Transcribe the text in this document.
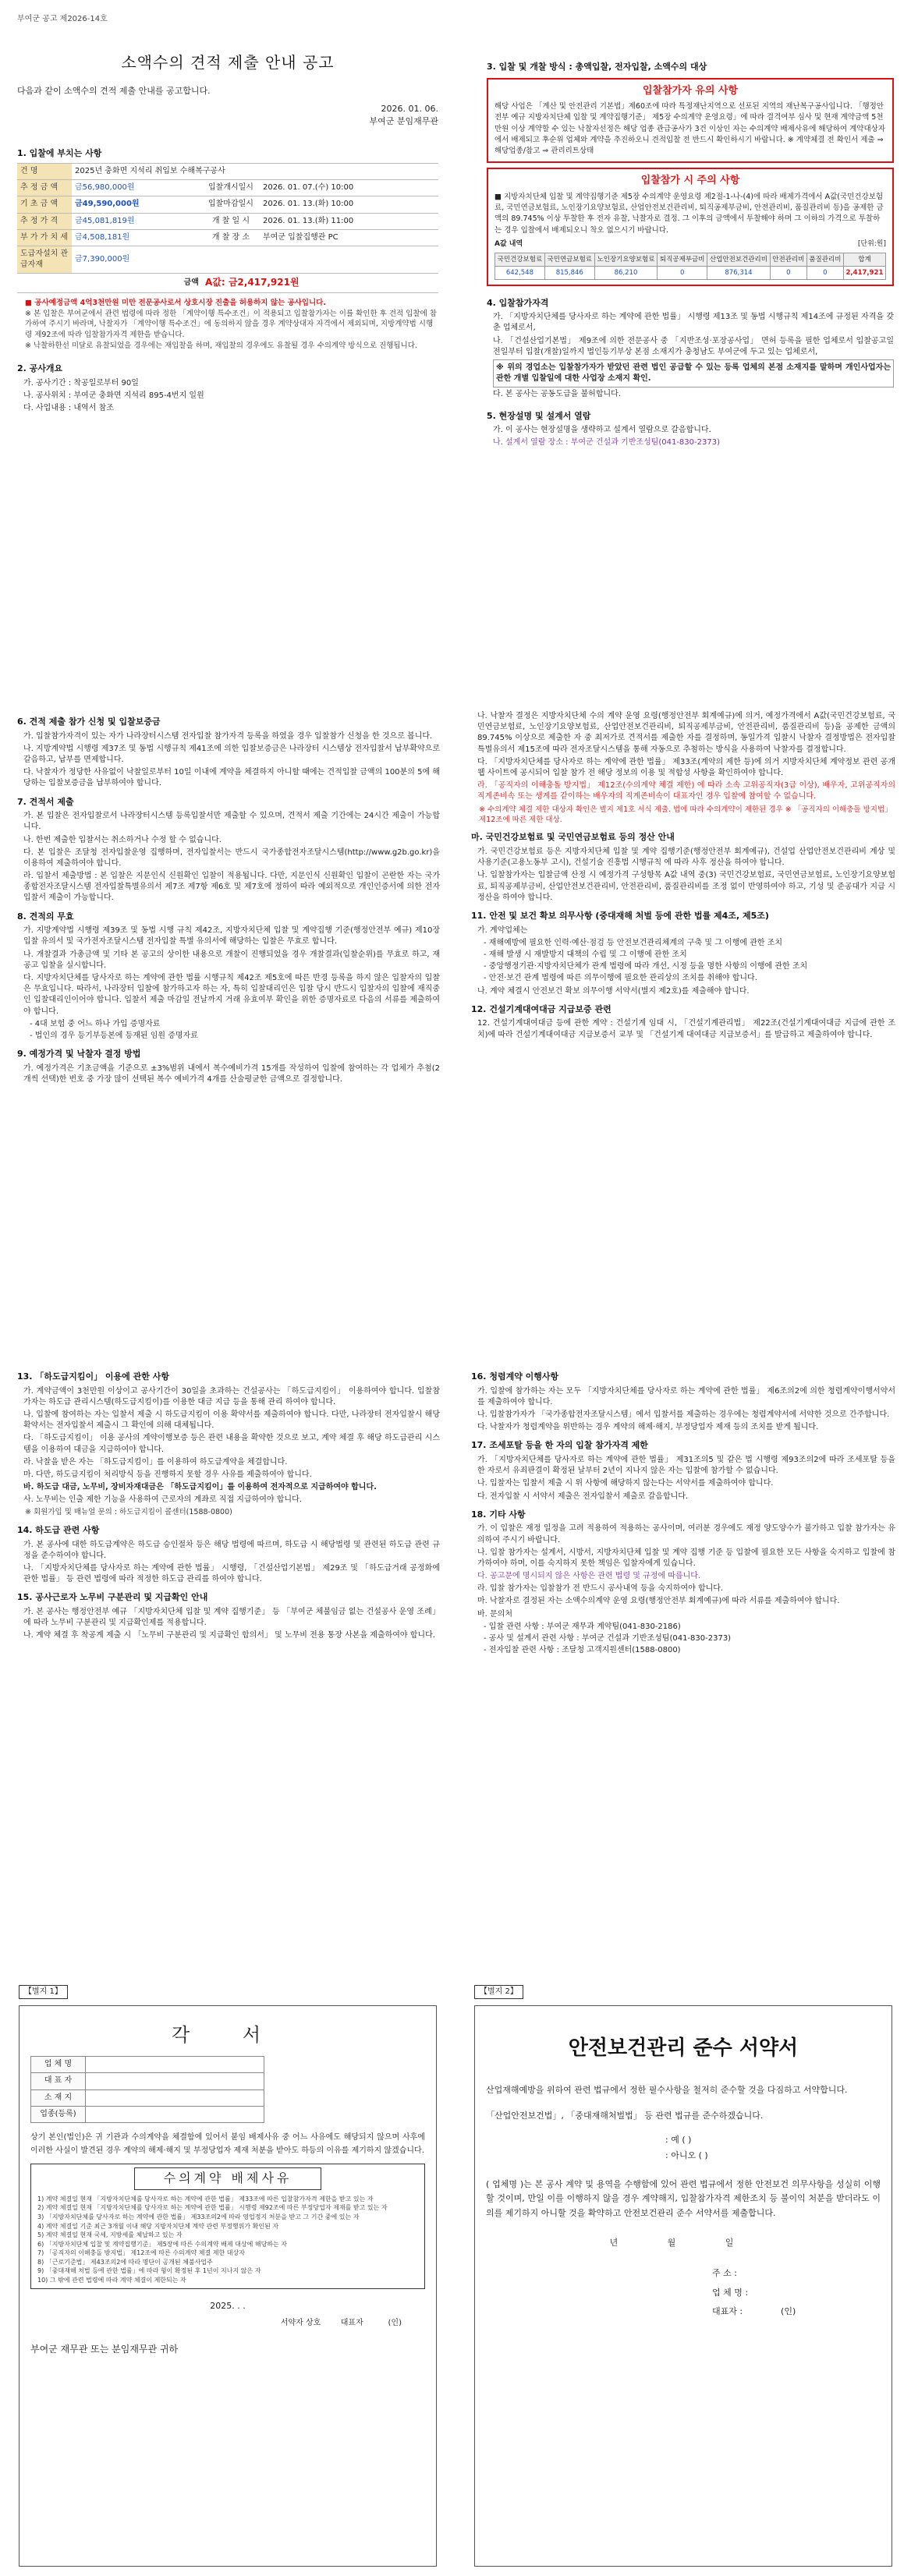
부여군 공고 제2026-14호
소액수의 견적 제출 안내 공고
다음과 같이 소액수의 견적 제출 안내를 공고합니다.
2026. 01. 06.
부여군 분임재무관
1. 입찰에 부치는 사항
건 명	2025년 충화면 지석리 취입보 수해복구공사		
추 정 금 액	금56,980,000원	입찰개시일시	2026. 01. 07.(수) 10:00
기 초 금 액	금49,590,000원	입찰마감일시	2026. 01. 13.(화) 10:00
추 정 가 격	금45,081,819원	개 찰 일 시	2026. 01. 13.(화) 11:00
부 가 가 치 세	금4,508,181원	개 찰 장 소	부여군 입찰집행관 PC
도급자설치 관급자재	금7,390,000원		
	금액	A값: 금2,417,921원	
■ 공사예정금액 4억3천만원 미만 전문공사로서 상호시장 진출을 허용하지 않는 공사입니다.
※ 본 입찰은 부여군에서 관련 법령에 따라 정한 「계약이행 특수조건」이 적용되고 입찰참가자는 이를 확인한 후 견적 입찰에 참가하여 주시기 바라며, 낙찰자가 「계약이행 특수조건」에 동의하지 않을 경우 계약상대자 자격에서 제외되며, 지방계약법 시행령 제92조에 따라 입찰참가자격 제한을 받습니다.
※ 낙찰하한선 미달로 유찰되었을 경우에는 재입찰을 하며, 재입찰의 경우에도 유찰될 경우 수의계약 방식으로 진행됩니다.
2. 공사개요
가. 공사기간 : 착공일로부터 90일
나. 공사위치 : 부여군 충화면 지석리 895-4번지 일원
다. 사업내용 : 내역서 참조
3. 입찰 및 개찰 방식 : 총액입찰, 전자입찰, 소액수의 대상
입찰참가자 유의 사항
해당 사업은 「계산 및 안전관리 기본법」제60조에 따라 특정재난지역으로 선포된 지역의 재난복구공사입니다. 「행정안전부 예규 지방자치단체 입찰 및 계약집행기준」 제5장 수의계약 운영요령」에 따라 결격여부 심사 및 현재 계약금액 5천만원 이상 계약할 수 있는 낙찰자선정은 해당 업종 관급공사가 3건 이상인 자는 수의계약 배제사유에 해당하여 계약대상자에서 배제되고 후순위 업체와 계약을 추진하오니 견적입찰 전 반드시 확인하시기 바랍니다. ※ 계약체결 전 확인서 제출 ⇒ 해당업종/참고 ⇒ 관리리트상태
입찰참가 시 주의 사항
■ 지방자치단체 입찰 및 계약집행기준 제5장 수의계약 운영요령 제2절-1-나-(4)에 따라 배제가격에서 A값(국민건강보험료, 국민연금보험료, 노인장기요양보험료, 산업안전보건관리비, 퇴직공제부금비, 안전관리비, 품질관리비 등)을 공제한 금액의 89.745% 이상 투찰한 후 전자 유찰, 낙찰자로 결정. 그 이후의 금액에서 투찰해야 하며 그 이하의 가격으로 투찰하는 경우 입찰에서 배제되오니 착오 없으시기 바랍니다.
A값 내역	[단위:원]
국민건강보험료	국민연금보험료	노인장기요양보험료	퇴직공제부금비	산업안전보건관리비	안전관리비	품질관리비	합계
642,548	815,846	86,210	0	876,314	0	0	2,417,921
4. 입찰참가자격
가. 「지방자치단체를 당사자로 하는 계약에 관한 법률」 시행령 제13조 및 동법 시행규칙 제14조에 규정된 자격을 갖춘 업체로서,
나. 「건설산업기본법」 제9조에 의한 전문공사 중 「지반조성·포장공사업」 면허 등록을 필한 업체로서 입찰공고일 전일부터 입찰(개찰)일까지 법인등기부상 본점 소재지가 충청남도 부여군에 두고 있는 업체로서,
※ 위의 경업소는 입찰참가자가 받았던 관련 법인 공급할 수 있는 등록 업체의 본점 소재지를 말하며 개인사업자는 관한 개별 입찰일에 대한 사업장 소재지 확인.
다. 본 공사는 공동도급을 불허합니다.
5. 현장설명 및 설계서 열람
가. 이 공사는 현장설명을 생략하고 설계서 열람으로 갈음합니다.
나. 설계서 열람 장소 : 부여군 건설과 기반조성팀(041-830-2373)
6. 견적 제출 참가 신청 및 입찰보증금
가. 입찰참가자격이 있는 자가 나라장터시스템 전자입찰 참가자격 등록을 하였을 경우 입찰참가 신청을 한 것으로 봅니다.
나. 지방계약법 시행령 제37조 및 동법 시행규칙 제41조에 의한 입찰보증금은 나라장터 시스템상 전자입찰서 납부확약으로 갈음하고, 납부를 면제합니다.
다. 낙찰자가 정당한 사유없이 낙찰일로부터 10일 이내에 계약을 체결하지 아니할 때에는 견적입찰 금액의 100분의 5에 해당하는 입찰보증금을 납부하여야 합니다.
7. 견적서 제출
가. 본 입찰은 전자입찰로서 나라장터시스템 등록입찰서만 제출할 수 있으며, 견적서 제출 기간에는 24시간 제출이 가능합니다.
나. 한번 제출한 입찰서는 취소하거나 수정 할 수 없습니다.
다. 본 입찰은 조달청 전자입찰운영 집행하며, 전자입찰서는 반드시 국가종합전자조달시스템(http://www.g2b.go.kr)을 이용하여 제출하여야 합니다.
라. 입찰서 제출방법 : 본 입찰은 지문인식 신원확인 입찰이 적용됩니다. 다만, 지문인식 신원확인 입찰이 곤란한 자는 국가종합전자조달시스템 전자입찰특별유의서 제7조 제7항 제6호 및 제7호에 정하여 따라 예외적으로 개인인증서에 의한 전자 입찰서 제출이 가능합니다.
8. 견적의 무효
가. 지방계약법 시행령 제39조 및 동법 시행 규칙 제42조, 지방자치단체 입찰 및 계약집행 기준(행정안전부 예규) 제10장 입찰 유의서 및 국가전자조달시스템 전자입찰 특별 유의서에 해당하는 입찰은 무효로 합니다.
나. 개찰결과 가총금액 및 기타 본 공고의 상이한 내용으로 개찰이 진행되었을 경우 개찰결과(입찰순위)를 무효로 하고, 재공고 입찰을 실시합니다.
다. 지방자치단체를 당사자로 하는 계약에 관한 법률 시행규칙 제42조 제5호에 따른 반경 등록을 하지 않은 입찰자의 입찰은 무효입니다. 따라서, 나라장터 입찰에 참가하고자 하는 자, 특히 입찰대리인은 입찰 당시 반드시 입찰자의 입찰에 재직중인 입찰대리인이어야 합니다. 입찰서 제출 마감일 전날까지 거래 유효여부 확인을 위한 증명자료로 다음의 서류를 제출하여야 합니다.
- 4대 보험 중 어느 하나 가입 증명자료
- 법인의 경우 등기부등본에 등재된 임원 증명자료
9. 예정가격 및 낙찰자 결정 방법
가. 예정가격은 기초금액을 기준으로 ±3%범위 내에서 복수예비가격 15개를 작성하여 입찰에 참여하는 각 업체가 추첨(2개씩 선택)한 번호 중 가장 많이 선택된 복수 예비가격 4개를 산술평균한 금액으로 결정합니다.
나. 낙찰자 결정은 지방자치단체 수의 계약 운영 요령(행정안전부 회계예규)에 의거, 예정가격에서 A값(국민건강보험료, 국민연금보험료, 노인장기요양보험료, 산업안전보건관리비, 퇴직공제부금비, 안전관리비, 품질관리비 등)을 공제한 금액의 89.745% 이상으로 제출한 자 중 최저가로 견적서를 제출한 자를 결정하며, 동일가격 입찰시 낙찰자 결정방법은 전자입찰 특별유의서 제15조에 따라 전자조달시스템을 통해 자동으로 추첨하는 방식을 사용하여 낙찰자를 결정합니다.
다. 「지방자치단체를 당사자로 하는 계약에 관한 법률」 제33조(계약의 제한 등)에 의거 지방자치단체 계약정보 관련 공개 웹 사이트에 공시되어 입찰 참가 전 해당 정보의 이용 및 적합성 사항을 확인하여야 합니다.
라. 「공직자의 이해충돌 방지법」 제12조(수의계약 체결 제한) 에 따라 소속 고위공직자(3급 이상), 배우자, 고위공직자의 직계존비속 또는 생계를 같이하는 배우자의 직계존비속이 대표자인 경우 입찰에 참여할 수 없습니다.
※ 수의계약 체결 제한 대상자 확인은 별지 제1호 서식 제출. 법에 따라 수의계약이 제한된 경우 ※ 「공직자의 이해충돌 방지법」 제12조에 따른 제한 대상.
마. 국민건강보험료 및 국민연금보험료 등의 정산 안내
가. 국민건강보험료 등은 지방자치단체 입찰 및 계약 집행기준(행정안전부 회계예규), 건설업 산업안전보건관리비 계상 및 사용기준(고용노동부 고시), 건설기술 진흥법 시행규칙 에 따라 사후 정산을 하여야 합니다.
나. 입찰참가자는 입찰금액 산정 시 예정가격 구성항목 A값 내역 중(3) 국민건강보험료, 국민연금보험료, 노인장기요양보험료, 퇴직공제부금비, 산업안전보건관리비, 안전관리비, 품질관리비를 조정 없이 반영하여야 하고, 기성 및 준공대가 지급 시 정산을 하여야 합니다.
11. 안전 및 보건 확보 의무사항 (중대재해 처벌 등에 관한 법률 제4조, 제5조)
가. 계약업체는
- 재해예방에 필요한 인력·예산·점검 등 안전보건관리체계의 구축 및 그 이행에 관한 조치
- 재해 발생 시 재발방지 대책의 수립 및 그 이행에 관한 조치
- 중앙행정기관·지방자치단체가 관계 법령에 따라 개선, 시정 등을 명한 사항의 이행에 관한 조치
- 안전·보건 관계 법령에 따른 의무이행에 필요한 관리상의 조치를 취해야 합니다.
나. 계약 체결시 안전보건 확보 의무이행 서약서(별지 제2호)를 제출해야 합니다.
12. 건설기계대여대금 지급보증 관련
12. 건설기계대여대금 등에 관한 계약 : 건설기계 임대 시, 「건설기계관리법」 제22조(건설기계대여대금 지급에 관한 조치)에 따라 건설기계대여대금 지급보증서 교부 및 「건설기계 대여대금 지급보증서」를 발급하고 제출하여야 합니다.
13. 「하도급지킴이」 이용에 관한 사항
가. 계약금액이 3천만원 이상이고 공사기간이 30일을 초과하는 건설공사는 「하도급지킴이」 이용하여야 합니다. 입찰참가자는 하도급 관리시스템(하도급지킴이)를 이용한 대금 지급 등을 통해 관리 하여야 합니다.
나. 입찰에 참여하는 자는 입찰서 제출 시 하도급지킴이 이용 확약서를 제출하여야 합니다. 다만, 나라장터 전자입찰시 해당 확약서는 전자입찰서 제출시 그 확인에 의해 대체됩니다.
다. 「하도급지킴이」 이용 공사의 계약이행보증 등은 관련 내용을 확약한 것으로 보고, 계약 체결 후 해당 하도급관리 시스템을 이용하여 대금을 지급하여야 합니다.
라. 낙찰을 받은 자는 「하도급지킴이」를 이용하여 하도급계약을 체결합니다.
마. 다만, 하도급지킴이 처리방식 등을 진행하지 못할 경우 사유를 제출하여야 합니다.
바. 하도급 대금, 노무비, 장비자재대금은 「하도급지킴이」를 이용하여 전자적으로 지급하여야 합니다.
사. 노무비는 인출 제한 기능을 사용하여 근로자의 계좌로 직접 지급하여야 합니다.
※ 회원가입 및 매뉴얼 문의 : 하도급지킴이 콜센터(1588-0800)
14. 하도급 관련 사항
가. 본 공사에 대한 하도급계약은 하도급 승인절차 등은 해당 법령에 따르며, 하도급 시 해당법령 및 관련된 하도급 관련 규정을 준수하여야 합니다.
나. 「지방자치단체를 당사자로 하는 계약에 관한 법률」 시행령, 「건설산업기본법」 제29조 및 「하도급거래 공정화에 관한 법률」 등 관련 법령에 따라 적정한 하도급 관리를 하여야 합니다.
15. 공사근로자 노무비 구분관리 및 지급확인 안내
가. 본 공사는 행정안전부 예규 「지방자치단체 입찰 및 계약 집행기준」 등 「부여군 체불임금 없는 건설공사 운영 조례」에 따라 노무비 구분관리 및 지급확인제를 적용합니다.
나. 계약 체결 후 착공계 제출 시 「노무비 구분관리 및 지급확인 합의서」 및 노무비 전용 통장 사본을 제출하여야 합니다.
16. 청렴계약 이행사항
가. 입찰에 참가하는 자는 모두 「지방자치단체를 당사자로 하는 계약에 관한 법률」 제6조의2에 의한 청렴계약이행서약서를 제출하여야 합니다.
나. 입찰참가자가 「국가종합전자조달시스템」에서 입찰서를 제출하는 경우에는 청렴계약서에 서약한 것으로 간주합니다.
다. 낙찰자가 청렴계약을 위반하는 경우 계약의 해제·해지, 부정당업자 제재 등의 조치를 받게 됩니다.
17. 조세포탈 등을 한 자의 입찰 참가자격 제한
가. 「지방자치단체를 당사자로 하는 계약에 관한 법률」 제31조의5 및 같은 법 시행령 제93조의2에 따라 조세포탈 등을 한 자로서 유죄판결이 확정된 날부터 2년이 지나지 않은 자는 입찰에 참가할 수 없습니다.
나. 입찰자는 입찰서 제출 시 위 사항에 해당하지 않는다는 서약서를 제출하여야 합니다.
다. 전자입찰 시 서약서 제출은 전자입찰서 제출로 갈음합니다.
18. 기타 사항
가. 이 입찰은 재정 일정을 고려 적용하여 적용하는 공사이며, 여러분 경우에도 재정 양도양수가 불가하고 입찰 참가자는 유의하여 주시기 바랍니다.
나. 입찰 참가자는 설계서, 시방서, 지방자치단체 입찰 및 계약 집행 기준 등 입찰에 필요한 모든 사항을 숙지하고 입찰에 참가하여야 하며, 이를 숙지하지 못한 책임은 입찰자에게 있습니다.
다. 공고문에 명시되지 않은 사항은 관련 법령 및 규정에 따릅니다.
라. 입찰 참가자는 입찰참가 전 반드시 공사내역 등을 숙지하여야 합니다.
마. 낙찰자로 결정된 자는 소액수의계약 운영 요령(행정안전부 회계예규)에 따라 서류를 제출하여야 합니다.
바. 문의처
- 입찰 관련 사항 : 부여군 재무과 계약팀(041-830-2186)
- 공사 및 설계서 관련 사항 : 부여군 건설과 기반조성팀(041-830-2373)
- 전자입찰 관련 사항 : 조달청 고객지원센터(1588-0800)
【별지 1】
각 서
업 체 명	
대 표 자	
소 재 지	
업종(등록)	
상기 본인(법인)은 귀 기관과 수의계약을 체결함에 있어서 붙임 배제사유 중 어느 사유에도 해당되지 않으며 사후에 이러한 사실이 발견된 경우 계약의 해제·해지 및 부정당업자 제재 처분을 받아도 하등의 이유를 제기하지 않겠습니다.
수의계약 배제사유
1) 계약 체결일 현재 「지방자치단체를 당사자로 하는 계약에 관한 법률」 제33조에 따른 입찰참가자격 제한을 받고 있는 자
2) 계약 체결일 현재 「지방자치단체를 당사자로 하는 계약에 관한 법률」 시행령 제92조에 따른 부정당업자 제재를 받고 있는 자
3) 「지방자치단체를 당사자로 하는 계약에 관한 법률」 제33조의2에 따라 영업정지 처분을 받고 그 기간 중에 있는 자
4) 계약 체결일 기준 최근 3개월 이내 해당 지방자치단체 계약 관련 부정행위가 확인된 자
5) 계약 체결일 현재 국세, 지방세를 체납하고 있는 자
6) 「지방자치단체 입찰 및 계약집행기준」 제5장에 따른 수의계약 배제 대상에 해당하는 자
7) 「공직자의 이해충돌 방지법」 제12조에 따른 수의계약 체결 제한 대상자
8) 「근로기준법」 제43조의2에 따라 명단이 공개된 체불사업주
9) 「중대재해 처벌 등에 관한 법률」에 따라 형이 확정된 후 1년이 지나지 않은 자
10) 그 밖에 관련 법령에 따라 계약 체결이 제한되는 자
2025. . .
서약자 상호	대표자	(인)
부여군 재무관 또는 분임재무관 귀하
【별지 2】
안전보건관리 준수 서약서
산업재해예방을 위하여 관련 법규에서 정한 필수사항을 철저히 준수할 것을 다짐하고 서약합니다.
「산업안전보건법」, 「중대재해처벌법」 등 관련 법규를 준수하겠습니다.
: 예 ( )
: 아니오 ( )
( 업체명 )는 본 공사 계약 및 용역을 수행함에 있어 관련 법규에서 정한 안전보건 의무사항을 성실히 이행할 것이며, 만일 이를 이행하지 않을 경우 계약해지, 입찰참가자격 제한조치 등 불이익 처분을 받더라도 이의를 제기하지 아니할 것을 확약하고 안전보건관리 준수 서약서를 제출합니다.
년 월 일
주 소 :
업 체 명 :
대표자 :	(인)
